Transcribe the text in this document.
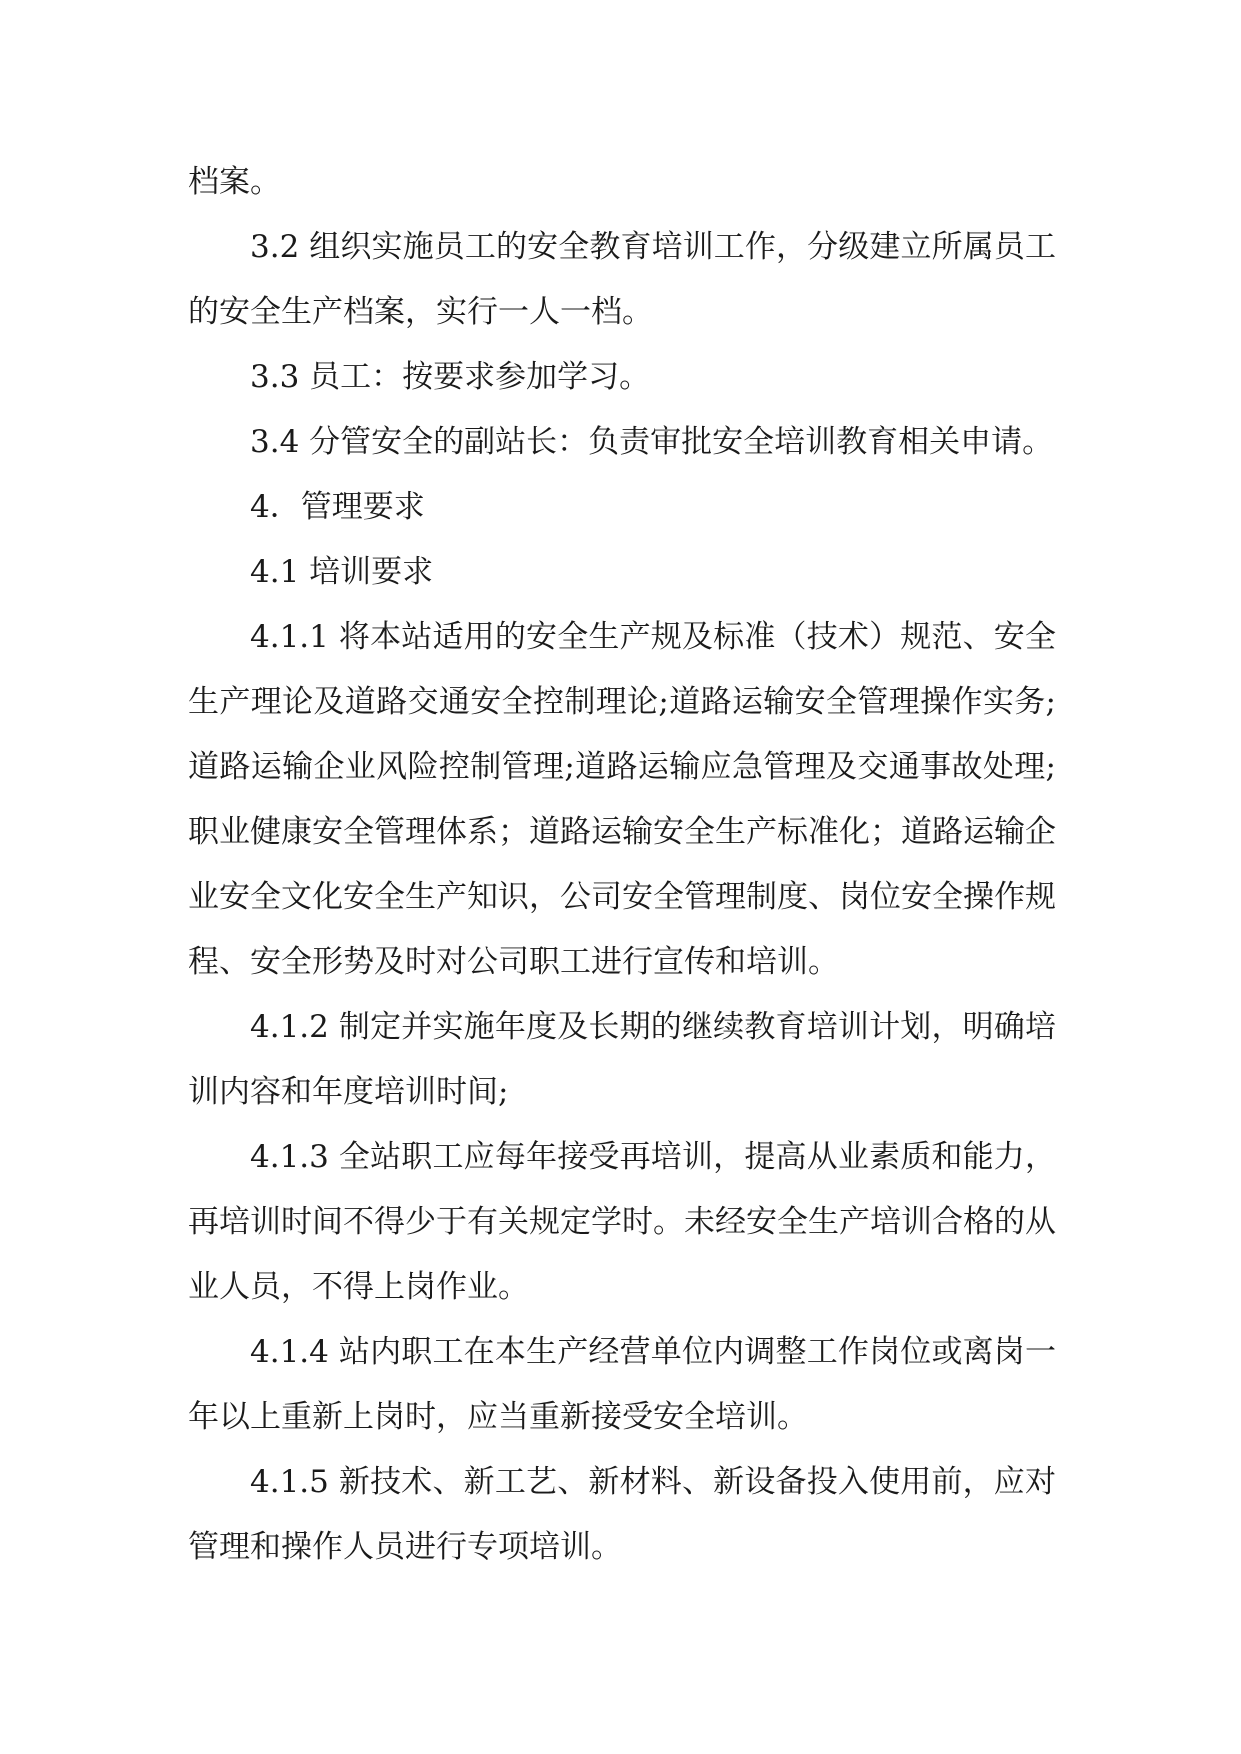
档案。

3.2 组织实施员工的安全教育培训工作，分级建立所属员工的安全生产档案，实行一人一档。

3.3 员工：按要求参加学习。

3.4 分管安全的副站长：负责审批安全培训教育相关申请。

4．管理要求

4.1 培训要求

4.1.1 将本站适用的安全生产规及标准（技术）规范、安全生产理论及道路交通安全控制理论;道路运输安全管理操作实务;道路运输企业风险控制管理;道路运输应急管理及交通事故处理;职业健康安全管理体系；道路运输安全生产标准化；道路运输企业安全文化安全生产知识，公司安全管理制度、岗位安全操作规程、安全形势及时对公司职工进行宣传和培训。

4.1.2 制定并实施年度及长期的继续教育培训计划，明确培训内容和年度培训时间;

4.1.3 全站职工应每年接受再培训，提高从业素质和能力，再培训时间不得少于有关规定学时。未经安全生产培训合格的从业人员，不得上岗作业。

4.1.4 站内职工在本生产经营单位内调整工作岗位或离岗一年以上重新上岗时，应当重新接受安全培训。

4.1.5 新技术、新工艺、新材料、新设备投入使用前，应对管理和操作人员进行专项培训。
